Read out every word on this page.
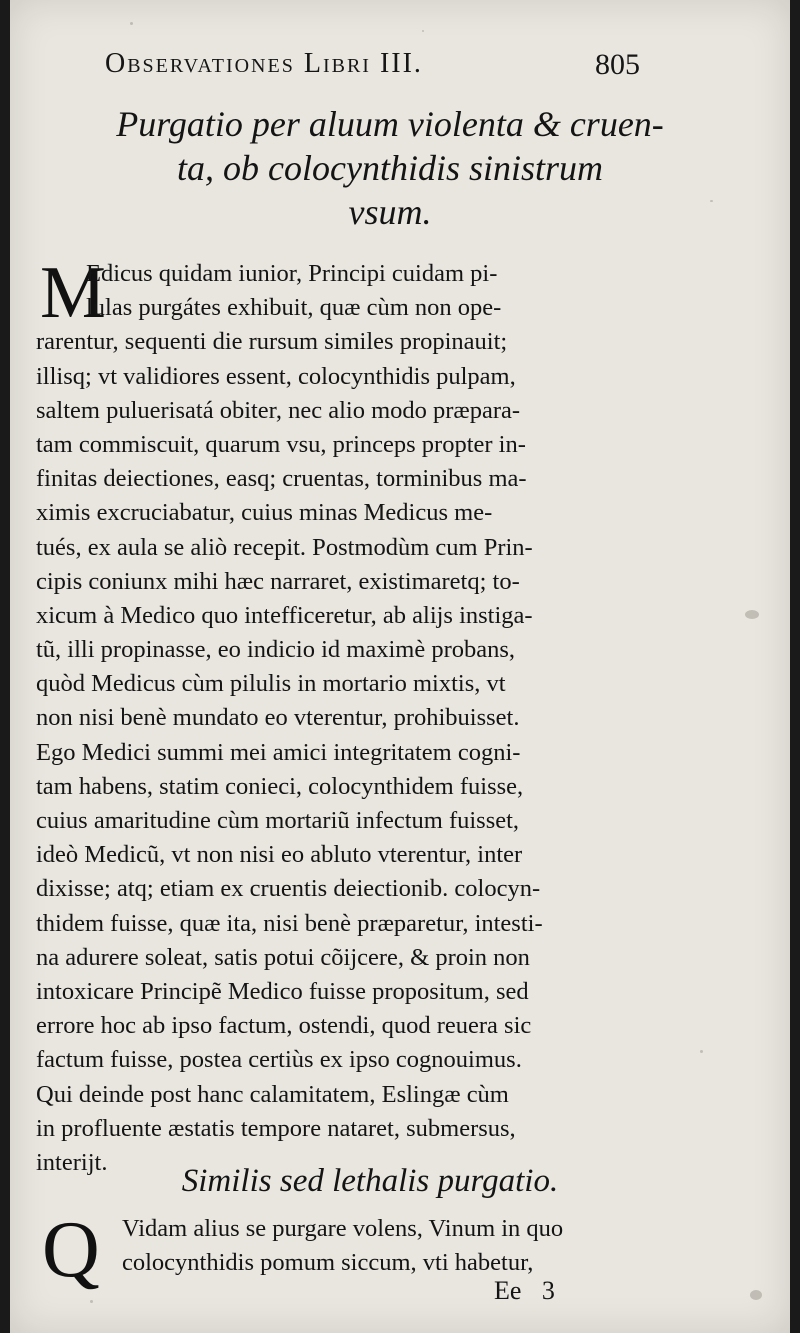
Observationes Libri III.	805
Purgatio per aluum violenta & cruen-
ta, ob colocynthidis sinistrum
vsum.
M
Edicus quidam iunior, Principi cuidam pi-
lulas purgátes exhibuit, quæ cùm non ope-
rarentur, sequenti die rursum similes propinauit;
illisq; vt validiores essent, colocynthidis pulpam,
saltem puluerisatá obiter, nec alio modo præpara-
tam commiscuit, quarum vsu, princeps propter in-
finitas deiectiones, easq; cruentas, torminibus ma-
ximis excruciabatur, cuius minas Medicus me-
tués, ex aula se aliò recepit. Postmodùm cum Prin-
cipis coniunx mihi hæc narraret, existimaretq; to-
xicum à Medico quo intefficeretur, ab alijs instiga-
tũ, illi propinasse, eo indicio id maximè probans,
quòd Medicus cùm pilulis in mortario mixtis, vt
non nisi benè mundato eo vterentur, prohibuisset.
Ego Medici summi mei amici integritatem cogni-
tam habens, statim conieci, colocynthidem fuisse,
cuius amaritudine cùm mortariũ infectum fuisset,
ideò Medicũ, vt non nisi eo abluto vterentur, inter
dixisse; atq; etiam ex cruentis deiectionib. colocyn-
thidem fuisse, quæ ita, nisi benè præparetur, intesti-
na adurere soleat, satis potui cõijcere, & proin non
intoxicare Principẽ Medico fuisse propositum, sed
errore hoc ab ipso factum, ostendi, quod reuera sic
factum fuisse, postea certiùs ex ipso cognouimus.
Qui deinde post hanc calamitatem, Eslingæ cùm
in profluente æstatis tempore nataret, submersus,
interijt.
Similis sed lethalis purgatio.
Q Vidam alius se purgare volens, Vinum in quo
colocynthidis pomum siccum, vti habetur,
Ee 3
